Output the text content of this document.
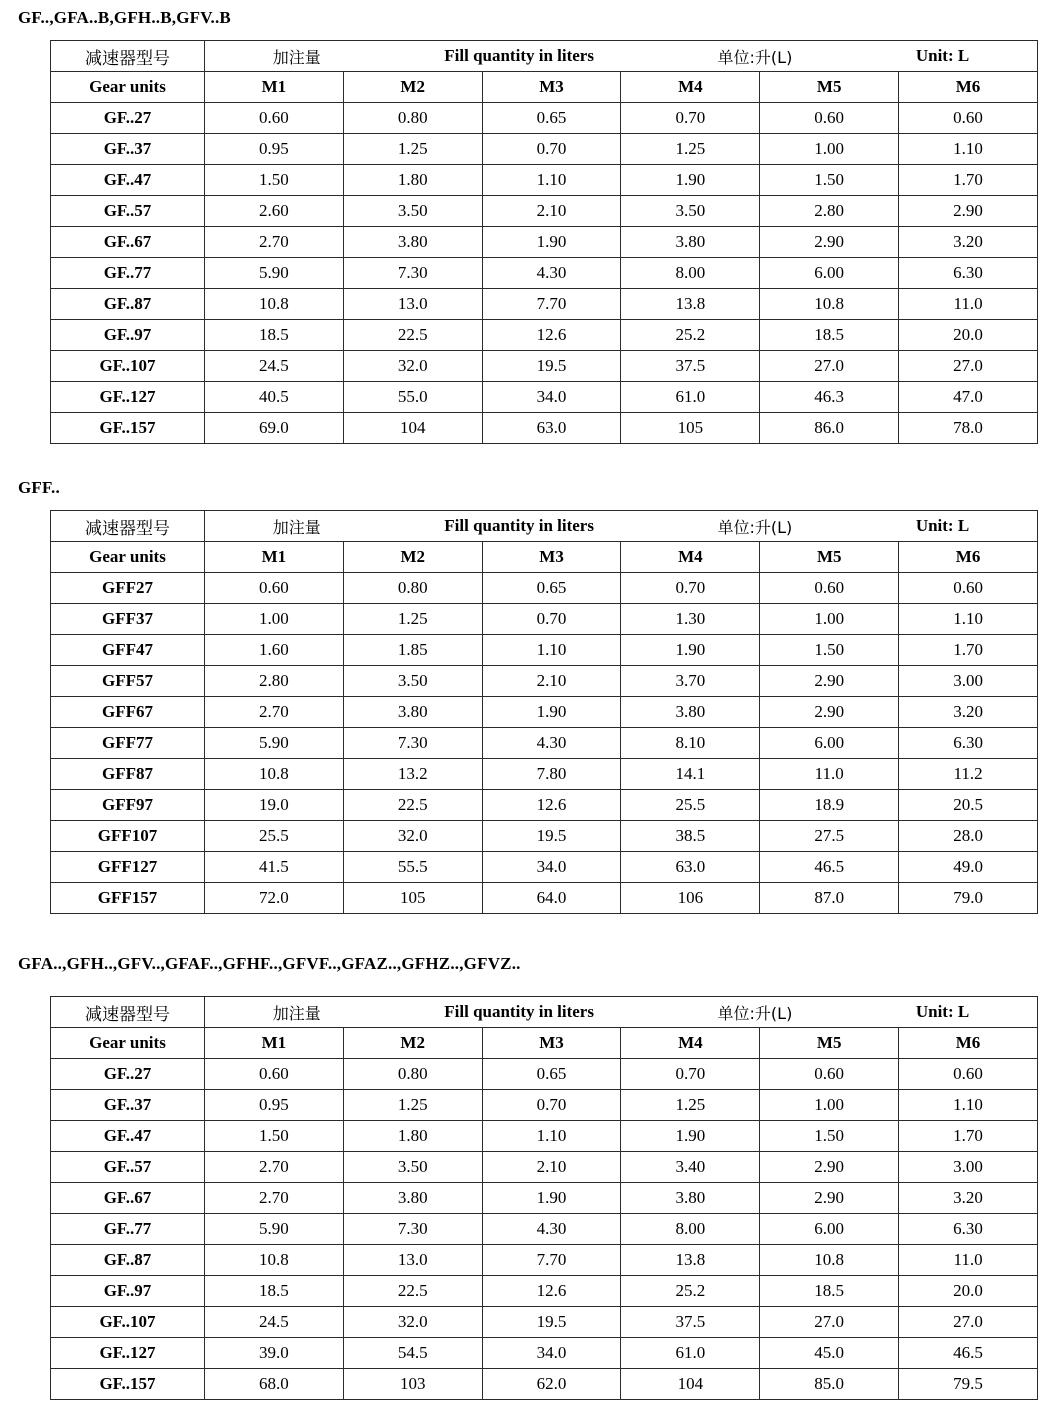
GF..,GFA..B,GFH..B,GFV..B
减速器型号	加注量 Fill quantity in liters 单位:升(L) Unit: L					

Gear units	M1	M2	M3	M4	M5	M6
GF..27	0.60	0.80	0.65	0.70	0.60	0.60
GF..37	0.95	1.25	0.70	1.25	1.00	1.10
GF..47	1.50	1.80	1.10	1.90	1.50	1.70
GF..57	2.60	3.50	2.10	3.50	2.80	2.90
GF..67	2.70	3.80	1.90	3.80	2.90	3.20
GF..77	5.90	7.30	4.30	8.00	6.00	6.30
GF..87	10.8	13.0	7.70	13.8	10.8	11.0
GF..97	18.5	22.5	12.6	25.2	18.5	20.0
GF..107	24.5	32.0	19.5	37.5	27.0	27.0
GF..127	40.5	55.0	34.0	61.0	46.3	47.0
GF..157	69.0	104	63.0	105	86.0	78.0
GFF..
减速器型号	加注量 Fill quantity in liters 单位:升(L) Unit: L					

Gear units	M1	M2	M3	M4	M5	M6
GFF27	0.60	0.80	0.65	0.70	0.60	0.60
GFF37	1.00	1.25	0.70	1.30	1.00	1.10
GFF47	1.60	1.85	1.10	1.90	1.50	1.70
GFF57	2.80	3.50	2.10	3.70	2.90	3.00
GFF67	2.70	3.80	1.90	3.80	2.90	3.20
GFF77	5.90	7.30	4.30	8.10	6.00	6.30
GFF87	10.8	13.2	7.80	14.1	11.0	11.2
GFF97	19.0	22.5	12.6	25.5	18.9	20.5
GFF107	25.5	32.0	19.5	38.5	27.5	28.0
GFF127	41.5	55.5	34.0	63.0	46.5	49.0
GFF157	72.0	105	64.0	106	87.0	79.0
GFA..,GFH..,GFV..,GFAF..,GFHF..,GFVF..,GFAZ..,GFHZ..,GFVZ..
减速器型号	加注量 Fill quantity in liters 单位:升(L) Unit: L					

Gear units	M1	M2	M3	M4	M5	M6
GF..27	0.60	0.80	0.65	0.70	0.60	0.60
GF..37	0.95	1.25	0.70	1.25	1.00	1.10
GF..47	1.50	1.80	1.10	1.90	1.50	1.70
GF..57	2.70	3.50	2.10	3.40	2.90	3.00
GF..67	2.70	3.80	1.90	3.80	2.90	3.20
GF..77	5.90	7.30	4.30	8.00	6.00	6.30
GF..87	10.8	13.0	7.70	13.8	10.8	11.0
GF..97	18.5	22.5	12.6	25.2	18.5	20.0
GF..107	24.5	32.0	19.5	37.5	27.0	27.0
GF..127	39.0	54.5	34.0	61.0	45.0	46.5
GF..157	68.0	103	62.0	104	85.0	79.5
